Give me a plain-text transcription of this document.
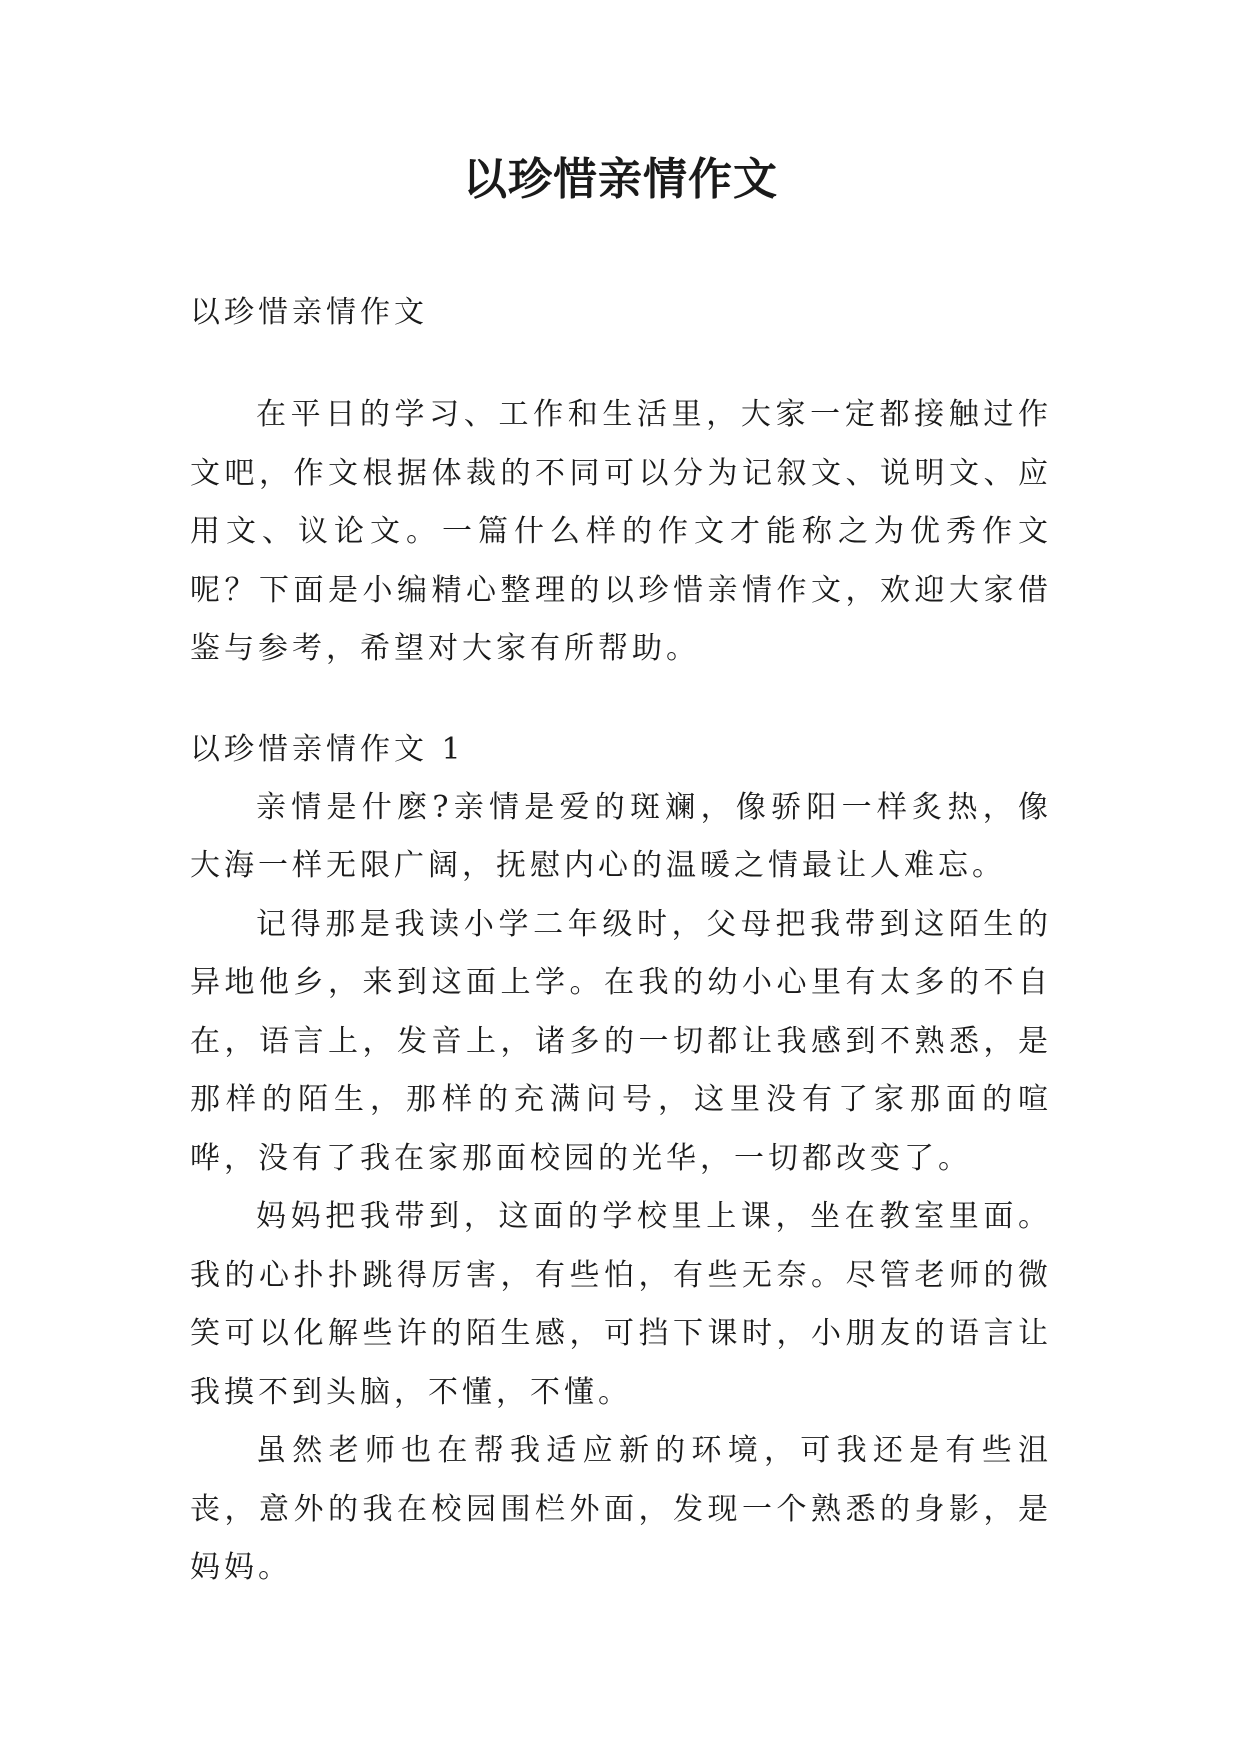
以珍惜亲情作文

以珍惜亲情作文

在平日的学习、工作和生活里，大家一定都接触过作文吧，作文根据体裁的不同可以分为记叙文、说明文、应用文、议论文。一篇什么样的作文才能称之为优秀作文呢？下面是小编精心整理的以珍惜亲情作文，欢迎大家借鉴与参考，希望对大家有所帮助。

以珍惜亲情作文 1

亲情是什麽?亲情是爱的斑斓，像骄阳一样炙热，像大海一样无限广阔，抚慰内心的温暖之情最让人难忘。

记得那是我读小学二年级时，父母把我带到这陌生的异地他乡，来到这面上学。在我的幼小心里有太多的不自在，语言上，发音上，诸多的一切都让我感到不熟悉，是那样的陌生，那样的充满问号，这里没有了家那面的喧哗，没有了我在家那面校园的光华，一切都改变了。

妈妈把我带到，这面的学校里上课，坐在教室里面。我的心扑扑跳得厉害，有些怕，有些无奈。尽管老师的微笑可以化解些许的陌生感，可挡下课时，小朋友的语言让我摸不到头脑，不懂，不懂。

虽然老师也在帮我适应新的环境，可我还是有些沮丧，意外的我在校园围栏外面，发现一个熟悉的身影，是妈妈。
